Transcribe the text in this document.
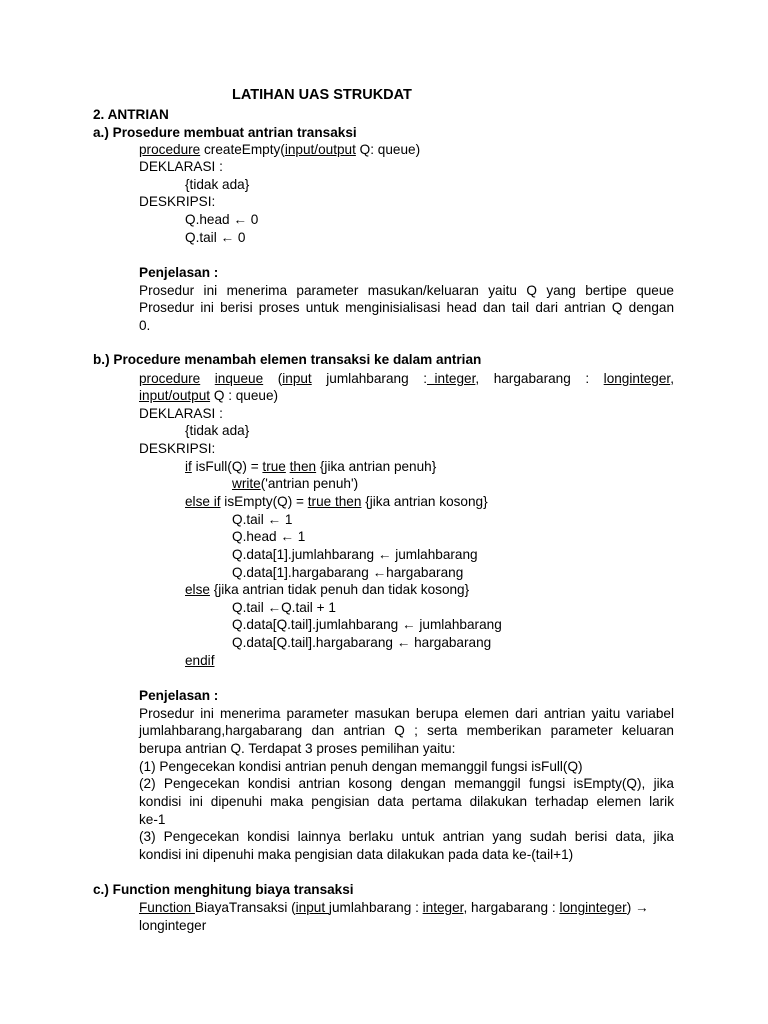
LATIHAN UAS STRUKDAT
2. ANTRIAN
a.) Prosedure membuat antrian transaksi
procedure createEmpty(input/output Q: queue)
DEKLARASI :
{tidak ada}
DESKRIPSI:
Q.head ← 0
Q.tail ← 0
Penjelasan :
Prosedur ini menerima parameter masukan/keluaran yaitu Q yang bertipe queue
Prosedur ini berisi proses untuk menginisialisasi head dan tail dari antrian Q dengan
0.
b.) Procedure menambah elemen transaksi ke dalam antrian
procedure inqueue (input jumlahbarang : integer, hargabarang : longinteger,
input/output Q : queue)
DEKLARASI :
{tidak ada}
DESKRIPSI:
if isFull(Q) = true then {jika antrian penuh}
write('antrian penuh')
else if isEmpty(Q) = true then {jika antrian kosong}
Q.tail ← 1
Q.head ← 1
Q.data[1].jumlahbarang ← jumlahbarang
Q.data[1].hargabarang ←hargabarang
else {jika antrian tidak penuh dan tidak kosong}
Q.tail ←Q.tail + 1
Q.data[Q.tail].jumlahbarang ← jumlahbarang
Q.data[Q.tail].hargabarang ← hargabarang
endif
Penjelasan :
Prosedur ini menerima parameter masukan berupa elemen dari antrian yaitu variabel
jumlahbarang,hargabarang dan antrian Q ; serta memberikan parameter keluaran
berupa antrian Q. Terdapat 3 proses pemilihan yaitu:
(1) Pengecekan kondisi antrian penuh dengan memanggil fungsi isFull(Q)
(2) Pengecekan kondisi antrian kosong dengan memanggil fungsi isEmpty(Q), jika
kondisi ini dipenuhi maka pengisian data pertama dilakukan terhadap elemen larik
ke-1
(3) Pengecekan kondisi lainnya berlaku untuk antrian yang sudah berisi data, jika
kondisi ini dipenuhi maka pengisian data dilakukan pada data ke-(tail+1)
c.) Function menghitung biaya transaksi
Function BiayaTransaksi (input jumlahbarang : integer, hargabarang : longinteger) →
longinteger
